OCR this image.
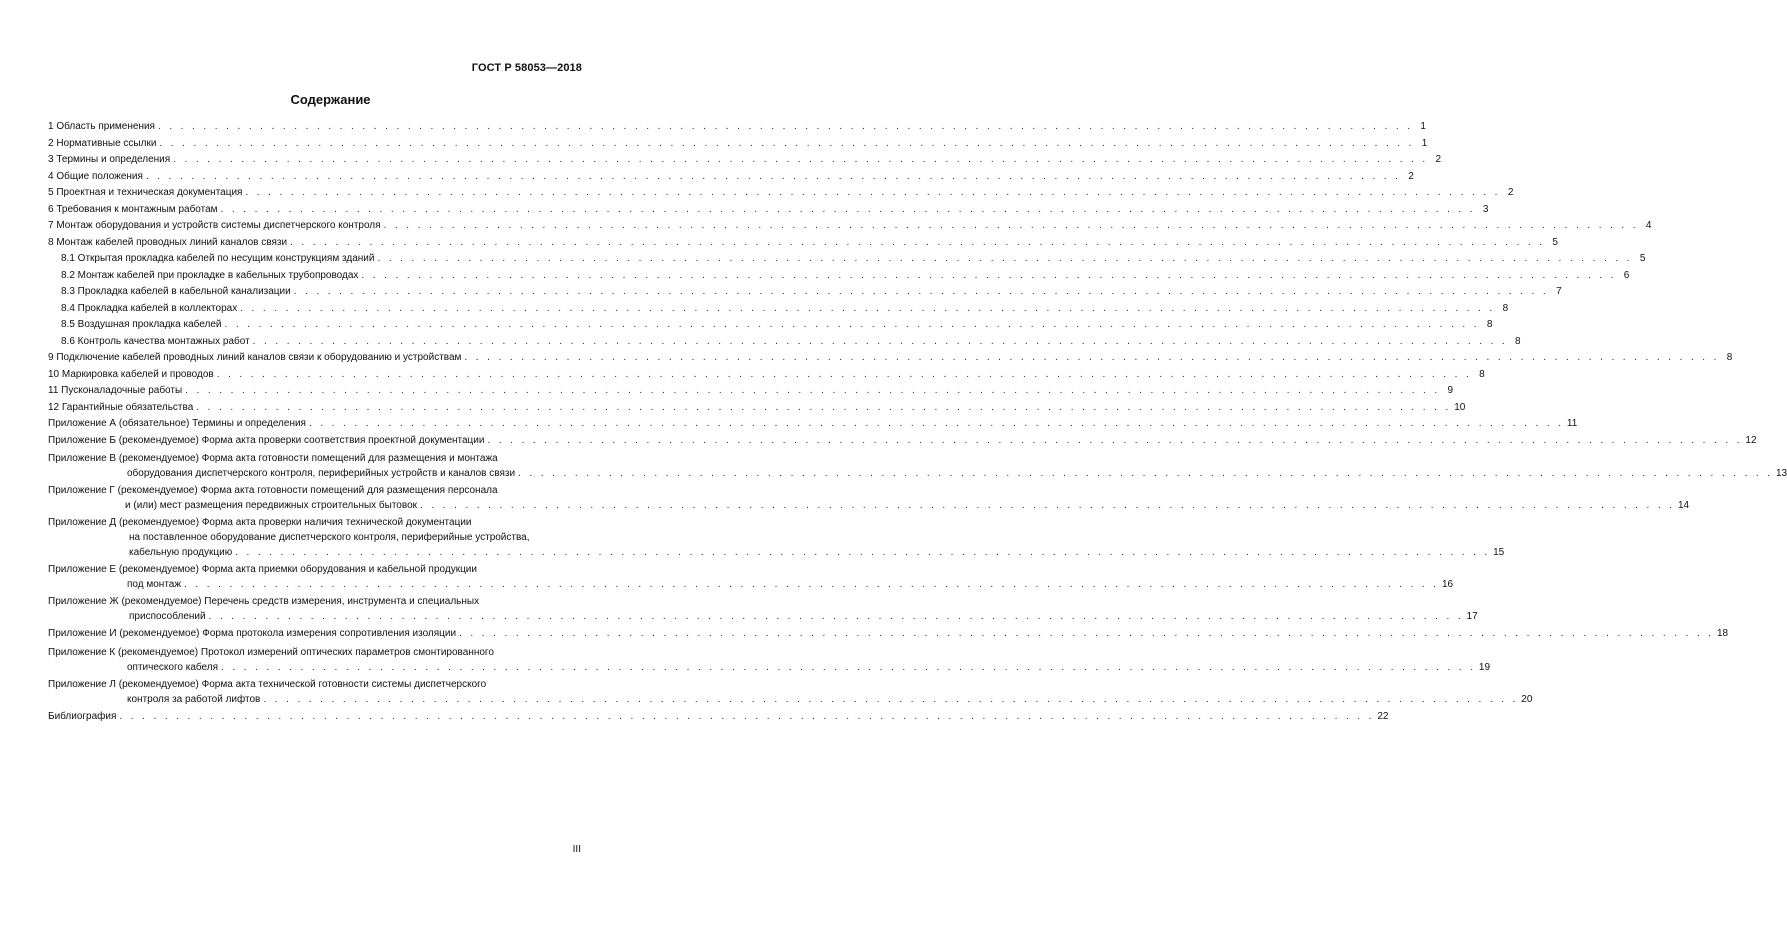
ГОСТ Р 58053—2018
Содержание
1 Область применения . . .	1
2 Нормативные ссылки . . .	1
3 Термины и определения . . .	2
4 Общие положения . . .	2
5 Проектная и техническая документация . . .	2
6 Требования к монтажным работам . . .	3
7 Монтаж оборудования и устройств системы диспетчерского контроля . . .	4
8 Монтаж кабелей проводных линий каналов связи . . .	5
8.1 Открытая прокладка кабелей по несущим конструкциям зданий . . .	5
8.2 Монтаж кабелей при прокладке в кабельных трубопроводах . . .	6
8.3 Прокладка кабелей в кабельной канализации . . .	7
8.4 Прокладка кабелей в коллекторах . . .	8
8.5 Воздушная прокладка кабелей . . .	8
8.6 Контроль качества монтажных работ . . .	8
9 Подключение кабелей проводных линий каналов связи к оборудованию и устройствам . . .	8
10 Маркировка кабелей и проводов . . .	8
11 Пусконаладочные работы . . .	9
12 Гарантийные обязательства . . .	10
Приложение А (обязательное) Термины и определения . . .	11
Приложение Б (рекомендуемое) Форма акта проверки соответствия проектной документации . . .	12
Приложение В (рекомендуемое) Форма акта готовности помещений для размещения и монтажа
оборудования диспетчерского контроля, периферийных устройств и каналов связи . . .	13
Приложение Г (рекомендуемое) Форма акта готовности помещений для размещения персонала
и (или) мест размещения передвижных строительных бытовок . . .	14
Приложение Д (рекомендуемое) Форма акта проверки наличия технической документации
на поставленное оборудование диспетчерского контроля, периферийные устройства,
кабельную продукцию . . .	15
Приложение Е (рекомендуемое) Форма акта приемки оборудования и кабельной продукции
под монтаж . . .	16
Приложение Ж (рекомендуемое) Перечень средств измерения, инструмента и специальных
приспособлений . . .	17
Приложение И (рекомендуемое) Форма протокола измерения сопротивления изоляции . . .	18
Приложение К (рекомендуемое) Протокол измерений оптических параметров смонтированного
оптического кабеля . . .	19
Приложение Л (рекомендуемое) Форма акта технической готовности системы диспетчерского
контроля за работой лифтов . . .	20
Библиография . . .	22
III
